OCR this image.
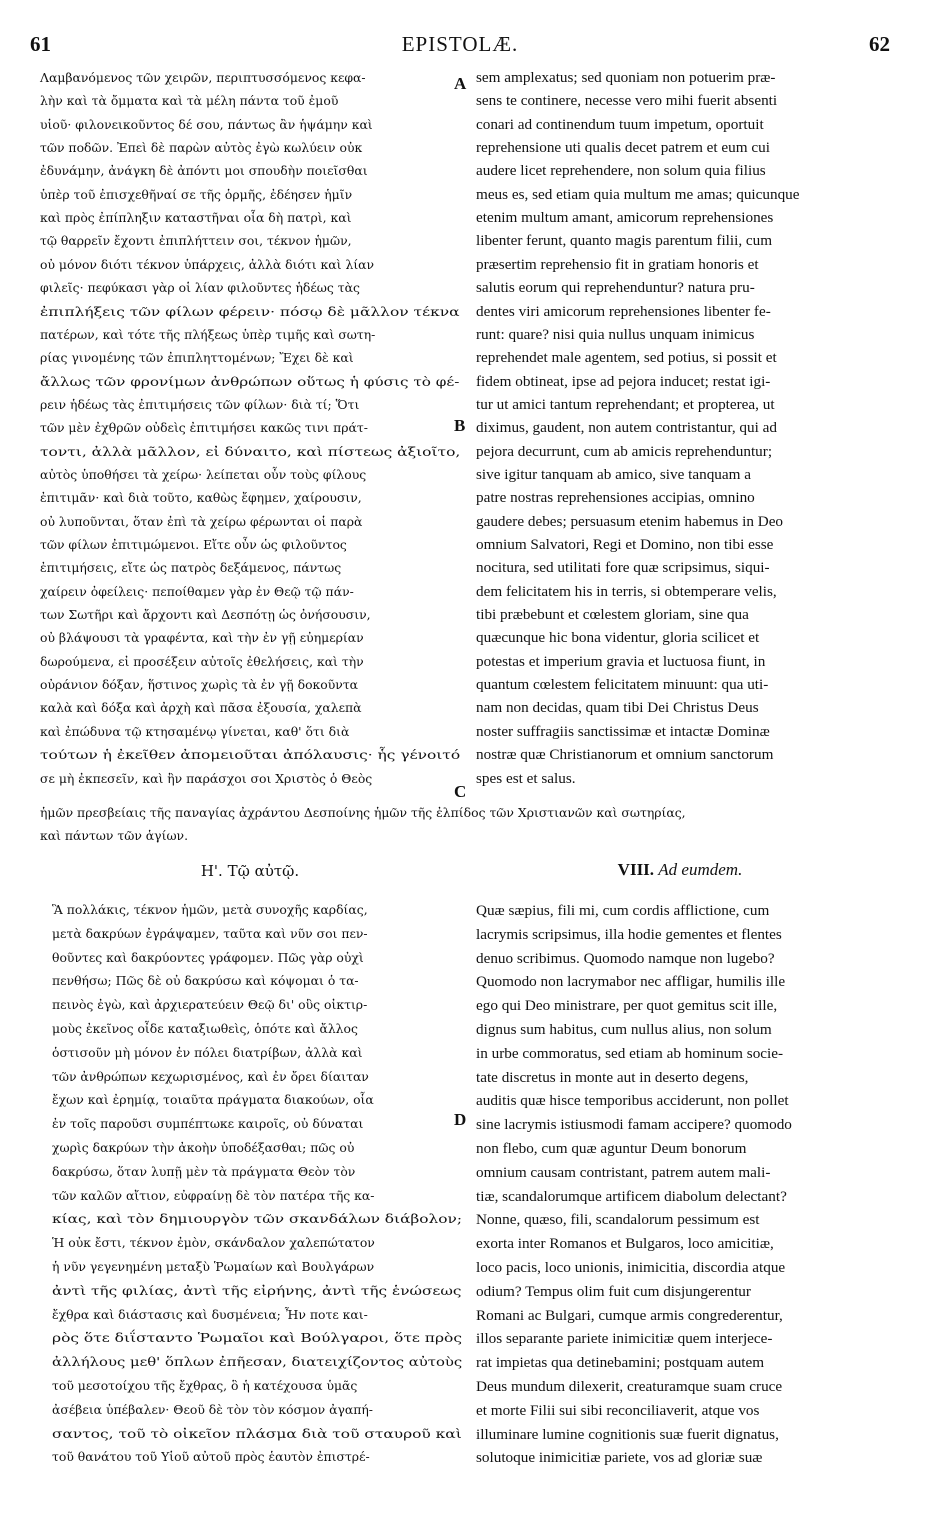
61	EPISTOLÆ.	62
Λαμβανόμενος τῶν χειρῶν, περιπτυσσόμενος κεφα-
λὴν καὶ τὰ ὄμματα καὶ τὰ μέλη πάντα τοῦ ἐμοῦ
υἱοῦ· φιλονεικοῦντος δέ σου, πάντως ἂν ἡψάμην καὶ
τῶν ποδῶν. Ἐπεὶ δὲ παρὼν αὐτὸς ἐγὼ κωλύειν οὐκ
ἐδυνάμην, ἀνάγκη δὲ ἀπόντι μοι σπουδὴν ποιεῖσθαι
ὑπὲρ τοῦ ἐπισχεθῆναί σε τῆς ὁρμῆς, ἐδέησεν ἡμῖν
καὶ πρὸς ἐπίπληξιν καταστῆναι οἷα δὴ πατρὶ, καὶ
τῷ θαρρεῖν ἔχοντι ἐπιπλήττειν σοι, τέκνον ἡμῶν,
οὐ μόνον διότι τέκνον ὑπάρχεις, ἀλλὰ διότι καὶ λίαν
φιλεῖς· πεφύκασι γὰρ οἱ λίαν φιλοῦντες ἡδέως τὰς
ἐπιπλήξεις τῶν φίλων φέρειν· πόσῳ δὲ μᾶλλον τέκνα
πατέρων, καὶ τότε τῆς πλήξεως ὑπὲρ τιμῆς καὶ σωτη-
ρίας γινομένης τῶν ἐπιπληττομένων; Ἔχει δὲ καὶ
ἄλλως τῶν φρονίμων ἀνθρώπων οὕτως ἡ φύσις τὸ φέ-
ρειν ἡδέως τὰς ἐπιτιμήσεις τῶν φίλων· διὰ τί; Ὅτι
τῶν μὲν ἐχθρῶν οὐδεὶς ἐπιτιμήσει κακῶς τινι πράτ-
τοντι, ἀλλὰ μᾶλλον, εἰ δύναιτο, καὶ πίστεως ἀξιοῖτο,
αὐτὸς ὑποθήσει τὰ χείρω· λείπεται οὖν τοὺς φίλους
ἐπιτιμᾶν· καὶ διὰ τοῦτο, καθὼς ἔφημεν, χαίρουσιν,
οὐ λυποῦνται, ὅταν ἐπὶ τὰ χείρω φέρωνται οἱ παρὰ
τῶν φίλων ἐπιτιμώμενοι. Εἴτε οὖν ὡς φιλοῦντος
ἐπιτιμήσεις, εἴτε ὡς πατρὸς δεξάμενος, πάντως
χαίρειν ὀφείλεις· πεποίθαμεν γὰρ ἐν Θεῷ τῷ πάν-
των Σωτῆρι καὶ ἄρχοντι καὶ Δεσπότῃ ὡς ὀνήσουσιν,
οὐ βλάψουσι τὰ γραφέντα, καὶ τὴν ἐν γῇ εὐημερίαν
δωρούμενα, εἰ προσέξειν αὐτοῖς ἐθελήσεις, καὶ τὴν
οὐράνιον δόξαν, ἥστινος χωρὶς τὰ ἐν γῇ δοκοῦντα
καλὰ καὶ δόξα καὶ ἀρχὴ καὶ πᾶσα ἐξουσία, χαλεπὰ
καὶ ἐπώδυνα τῷ κτησαμένῳ γίνεται, καθ' ὅτι διὰ
τούτων ἡ ἐκεῖθεν ἀπομειοῦται ἀπόλαυσις· ἧς γένοιτό
σε μὴ ἐκπεσεῖν, καὶ ἣν παράσχοι σοι Χριστὸς ὁ Θεὸς
sem amplexatus; sed quoniam non potuerim præ-
sens te continere, necesse vero mihi fuerit absenti
conari ad continendum tuum impetum, oportuit
reprehensione uti qualis decet patrem et eum cui
audere licet reprehendere, non solum quia filius
meus es, sed etiam quia multum me amas; quicunque
etenim multum amant, amicorum reprehensiones
libenter ferunt, quanto magis parentum filii, cum
præsertim reprehensio fit in gratiam honoris et
salutis eorum qui reprehenduntur? natura pru-
dentes viri amicorum reprehensiones libenter fe-
runt: quare? nisi quia nullus unquam inimicus
reprehendet male agentem, sed potius, si possit et
fidem obtineat, ipse ad pejora inducet; restat igi-
tur ut amici tantum reprehendant; et propterea, ut
diximus, gaudent, non autem contristantur, qui ad
pejora decurrunt, cum ab amicis reprehenduntur;
sive igitur tanquam ab amico, sive tanquam a
patre nostras reprehensiones accipias, omnino
gaudere debes; persuasum etenim habemus in Deo
omnium Salvatori, Regi et Domino, non tibi esse
nocitura, sed utilitati fore quæ scripsimus, siqui-
dem felicitatem his in terris, si obtemperare velis,
tibi præbebunt et cœlestem gloriam, sine qua
quæcunque hic bona videntur, gloria scilicet et
potestas et imperium gravia et luctuosa fiunt, in
quantum cœlestem felicitatem minuunt: qua uti-
nam non decidas, quam tibi Dei Christus Deus
noster suffragiis sanctissimæ et intactæ Dominæ
nostræ quæ Christianorum et omnium sanctorum
spes est et salus.
ἡμῶν πρεσβείαις τῆς παναγίας ἀχράντου Δεσποίνης ἡμῶν τῆς ἐλπίδος τῶν Χριστιανῶν καὶ σωτηρίας,
καὶ πάντων τῶν ἁγίων.
A
B
C
D
Η'. Τῷ αὐτῷ.	VIII. Ad eumdem.
Ἃ πολλάκις, τέκνον ἡμῶν, μετὰ συνοχῆς καρδίας,
μετὰ δακρύων ἐγράψαμεν, ταῦτα καὶ νῦν σοι πεν-
θοῦντες καὶ δακρύοντες γράφομεν. Πῶς γὰρ οὐχὶ
πενθήσω; Πῶς δὲ οὐ δακρύσω καὶ κόψομαι ὁ τα-
πεινὸς ἐγὼ, καὶ ἀρχιερατεύειν Θεῷ δι' οὓς οἰκτιρ-
μοὺς ἐκεῖνος οἶδε καταξιωθεὶς, ὁπότε καὶ ἄλλος
ὁστισοῦν μὴ μόνον ἐν πόλει διατρίβων, ἀλλὰ καὶ
τῶν ἀνθρώπων κεχωρισμένος, καὶ ἐν ὄρει δίαιταν
ἔχων καὶ ἐρημίᾳ, τοιαῦτα πράγματα διακούων, οἷα
ἐν τοῖς παροῦσι συμπέπτωκε καιροῖς, οὐ δύναται
χωρὶς δακρύων τὴν ἀκοὴν ὑποδέξασθαι; πῶς οὐ
δακρύσω, ὅταν λυπῇ μὲν τὰ πράγματα Θεὸν τὸν
τῶν καλῶν αἴτιον, εὐφραίνῃ δὲ τὸν πατέρα τῆς κα-
κίας, καὶ τὸν δημιουργὸν τῶν σκανδάλων διάβολον;
Ἡ οὐκ ἔστι, τέκνον ἐμὸν, σκάνδαλον χαλεπώτατον
ἡ νῦν γεγενημένη μεταξὺ Ῥωμαίων καὶ Βουλγάρων
ἀντὶ τῆς φιλίας, ἀντὶ τῆς εἰρήνης, ἀντὶ τῆς ἑνώσεως
ἔχθρα καὶ διάστασις καὶ δυσμένεια; Ἦν ποτε και-
ρὸς ὅτε διΐσταντο Ῥωμαῖοι καὶ Βούλγαροι, ὅτε πρὸς
ἀλλήλους μεθ' ὅπλων ἐπῆεσαν, διατειχίζοντος αὐτοὺς
τοῦ μεσοτοίχου τῆς ἔχθρας, ὃ ἡ κατέχουσα ὑμᾶς
ἀσέβεια ὑπέβαλεν· Θεοῦ δὲ τὸν τὸν κόσμον ἀγαπή-
σαντος, τοῦ τὸ οἰκεῖον πλάσμα διὰ τοῦ σταυροῦ καὶ
τοῦ θανάτου τοῦ Υἱοῦ αὐτοῦ πρὸς ἑαυτὸν ἐπιστρέ-
Quæ sæpius, fili mi, cum cordis afflictione, cum
lacrymis scripsimus, illa hodie gementes et flentes
denuo scribimus. Quomodo namque non lugebo?
Quomodo non lacrymabor nec affligar, humilis ille
ego qui Deo ministrare, per quot gemitus scit ille,
dignus sum habitus, cum nullus alius, non solum
in urbe commoratus, sed etiam ab hominum socie-
tate discretus in monte aut in deserto degens,
auditis quæ hisce temporibus acciderunt, non pollet
sine lacrymis istiusmodi famam accipere? quomodo
non flebo, cum quæ aguntur Deum bonorum
omnium causam contristant, patrem autem mali-
tiæ, scandalorumque artificem diabolum delectant?
Nonne, quæso, fili, scandalorum pessimum est
exorta inter Romanos et Bulgaros, loco amicitiæ,
loco pacis, loco unionis, inimicitia, discordia atque
odium? Tempus olim fuit cum disjungerentur
Romani ac Bulgari, cumque armis congrederentur,
illos separante pariete inimicitiæ quem interjece-
rat impietas qua detinebamini; postquam autem
Deus mundum dilexerit, creaturamque suam cruce
et morte Filii sui sibi reconciliaverit, atque vos
illuminare lumine cognitionis suæ fuerit dignatus,
solutoque inimicitiæ pariete, vos ad gloriæ suæ
